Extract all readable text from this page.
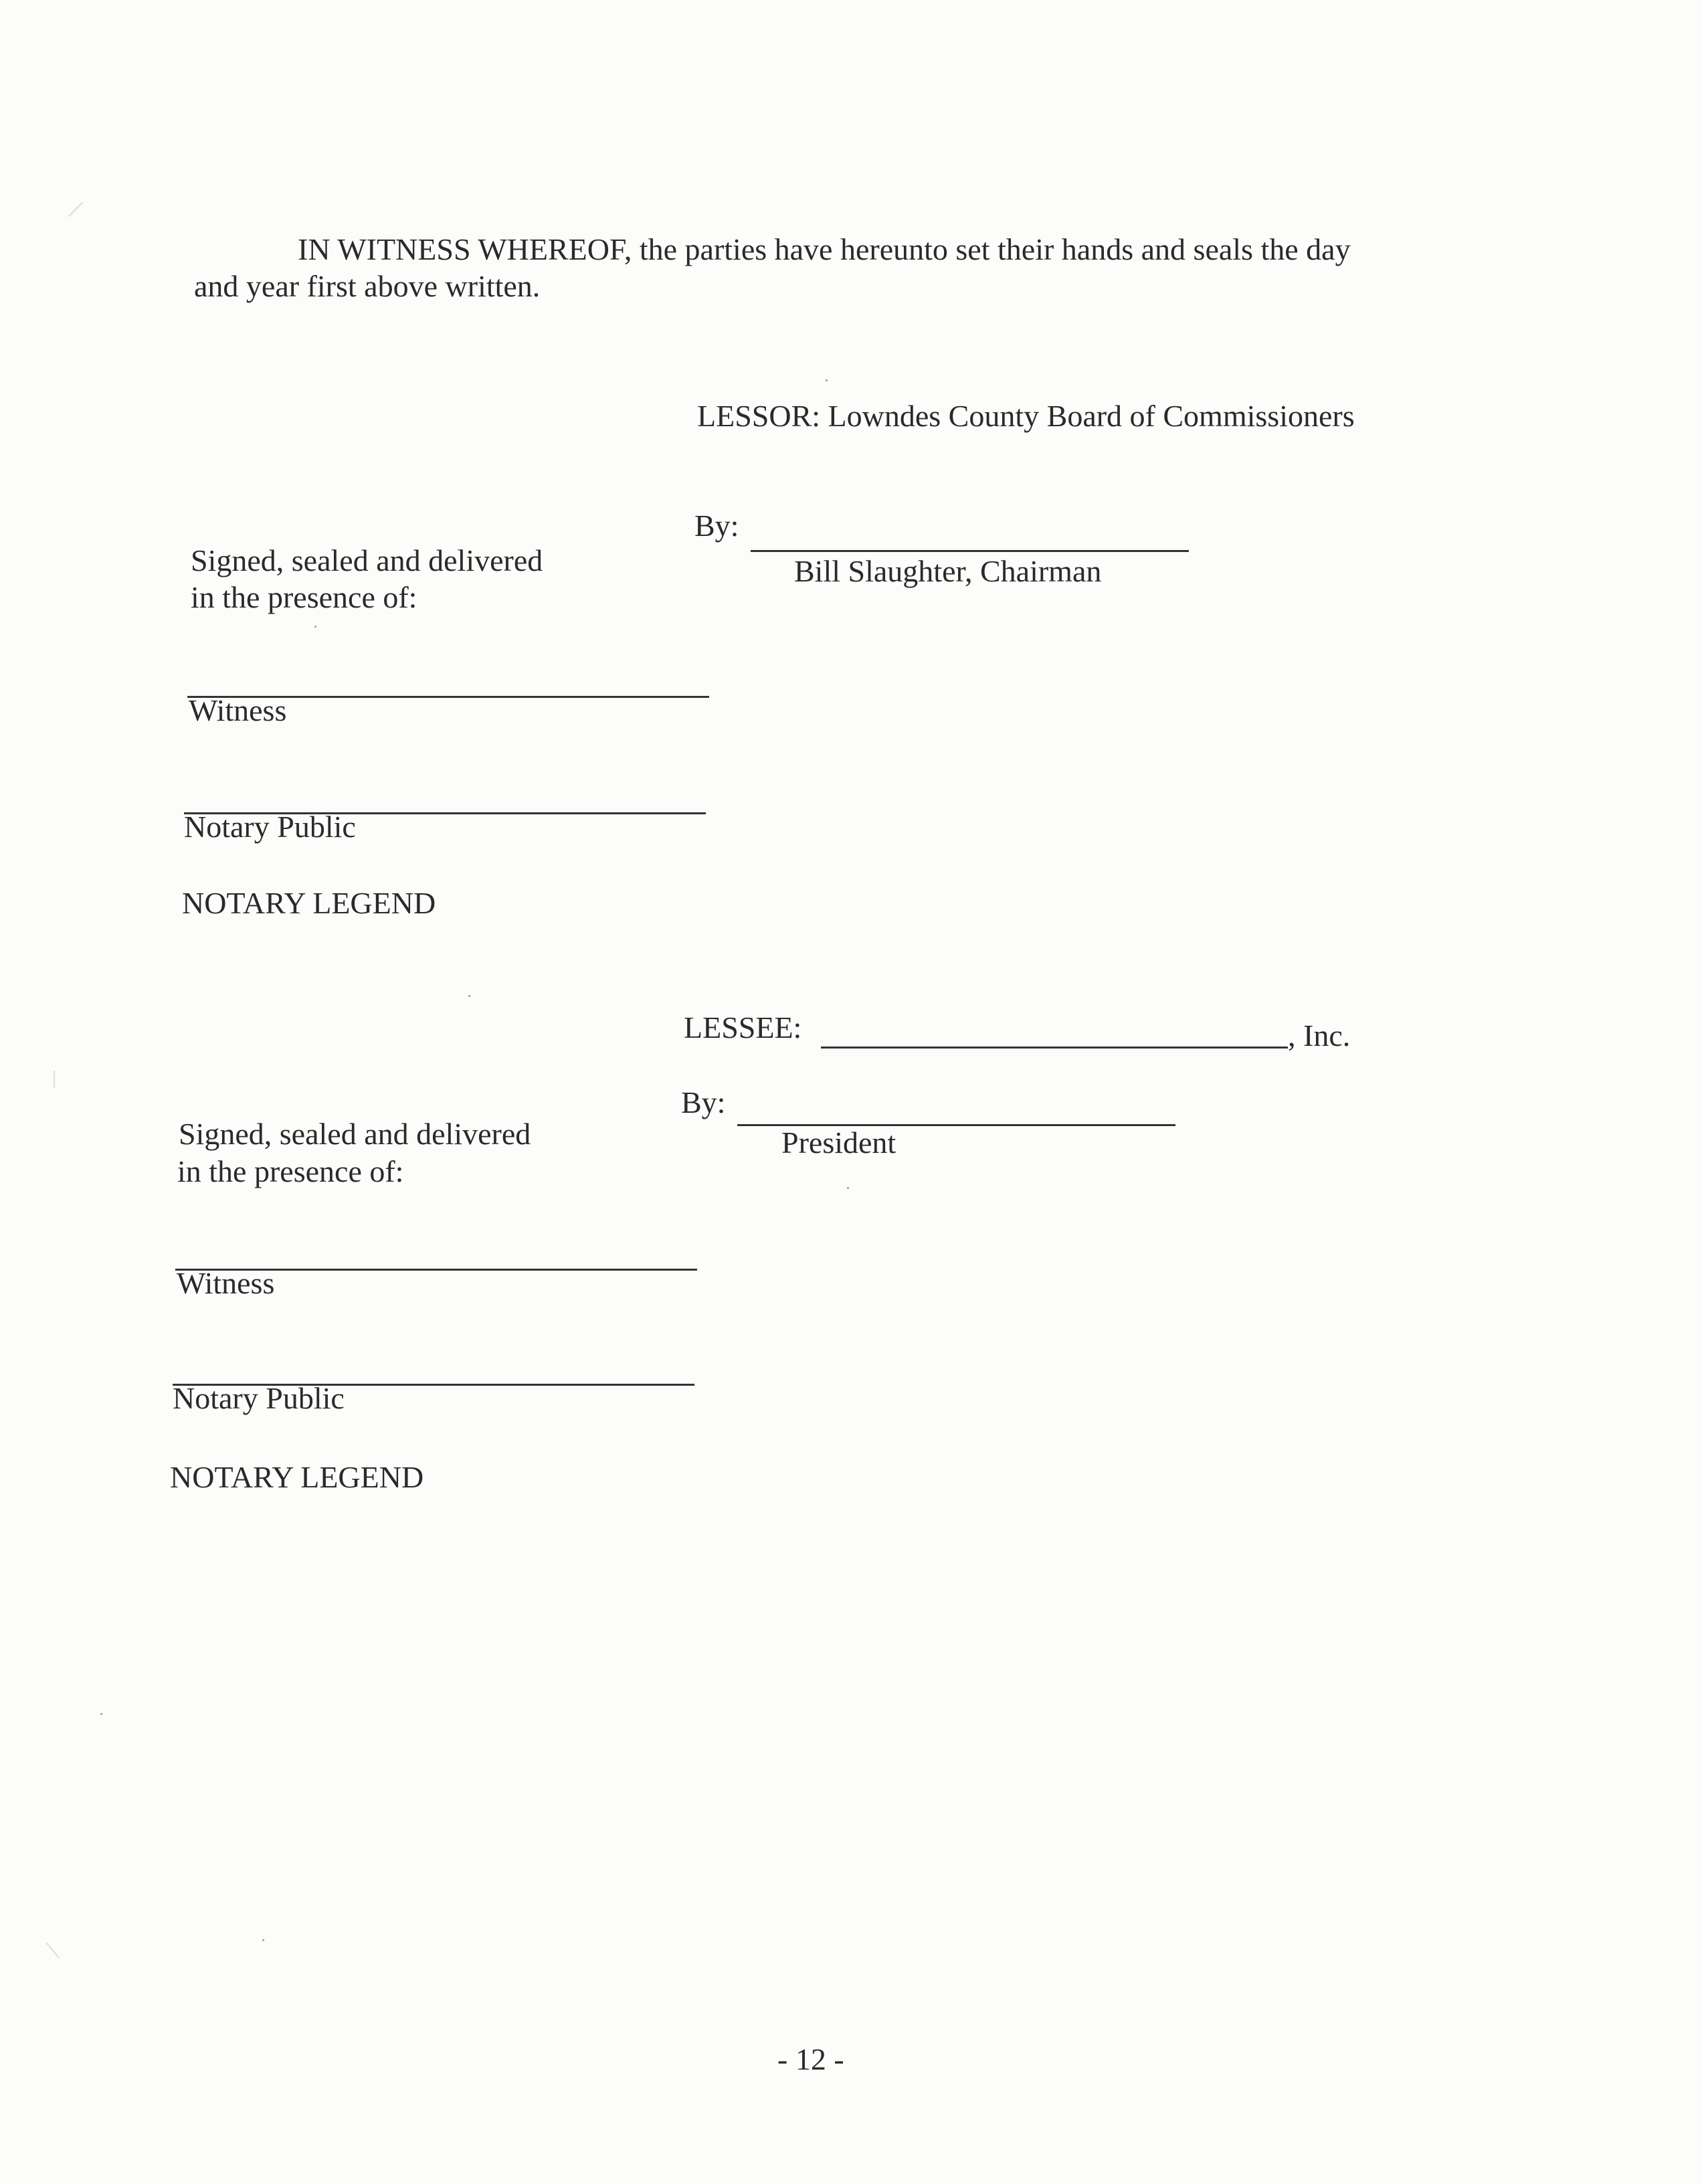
IN WITNESS WHEREOF, the parties have hereunto set their hands and seals the day

and year first above written.

LESSOR: Lowndes County Board of Commissioners
By:
Bill Slaughter, Chairman
Signed, sealed and delivered
in the presence of:
Witness
Notary Public
NOTARY LEGEND
LESSEE:	, Inc.
By:
President
Signed, sealed and delivered
in the presence of:
Witness
Notary Public
NOTARY LEGEND
- 12 -
